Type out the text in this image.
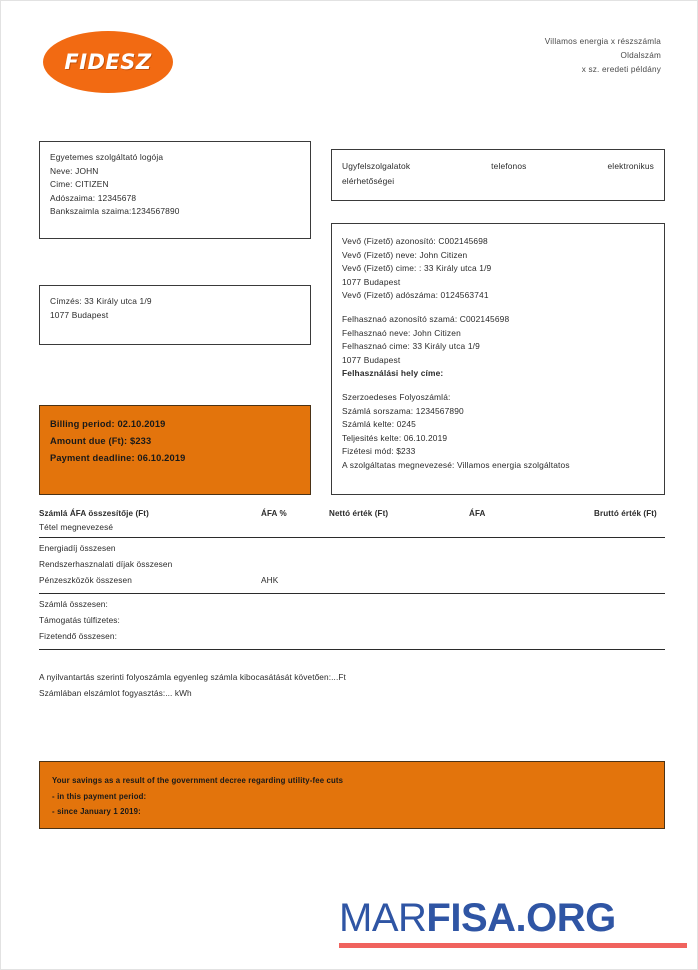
FIDESZ
Villamos energia x részszámla
Oldalszám
x sz. eredeti példány
Egyetemes szolgáltató logója
Neve: JOHN
Cime: CITIZEN
Adószaima: 12345678
Bankszaimla szaima:1234567890
Címzés: 33 Király utca 1/9
1077 Budapest
Billing period: 02.10.2019
Amount due (Ft): $233
Payment deadline: 06.10.2019
Ugyfelszolgalatok telefonos elektronikus
elérhetőségei
Vevő (Fizető) azonosító: C002145698
Vevő (Fizető) neve: John Citizen
Vevő (Fizető) cime: : 33 Király utca 1/9
1077 Budapest
Vevő (Fizető) adószáma: 0124563741
Felhasznaó azonosító szamá: C002145698
Felhasznaó neve: John Citizen
Felhasznaó cime: 33 Király utca 1/9
1077 Budapest
Felhasználási hely címe:
Szerzoedeses Folyoszámlá:
Számlá sorszama: 1234567890
Számlá kelte: 0245
Teljesités kelte: 06.10.2019
Fizétesi mód: $233
A szolgáltatas megnevezesé: Villamos energia szolgáltatos
Számlá ÁFA összesítője (Ft)	ÁFA %	Nettó érték (Ft)	ÁFA	Bruttó érték (Ft)
Tétel megnevezesé
Energiadíj összesen
Rendszerhasznalati díjak összesen
Pénzeszközök összesen	AHK
Számlá összesen:
Támogatás túlfizetes:
Fizetendő összesen:
A nyilvantartás szerinti folyoszámla egyenleg számla kibocasátását követően:...Ft
Számlában elszámlot fogyasztás:... kWh
Your savings as a result of the government decree regarding utility-fee cuts
- in this payment period:
- since January 1 2019:
MARFISA.ORG
